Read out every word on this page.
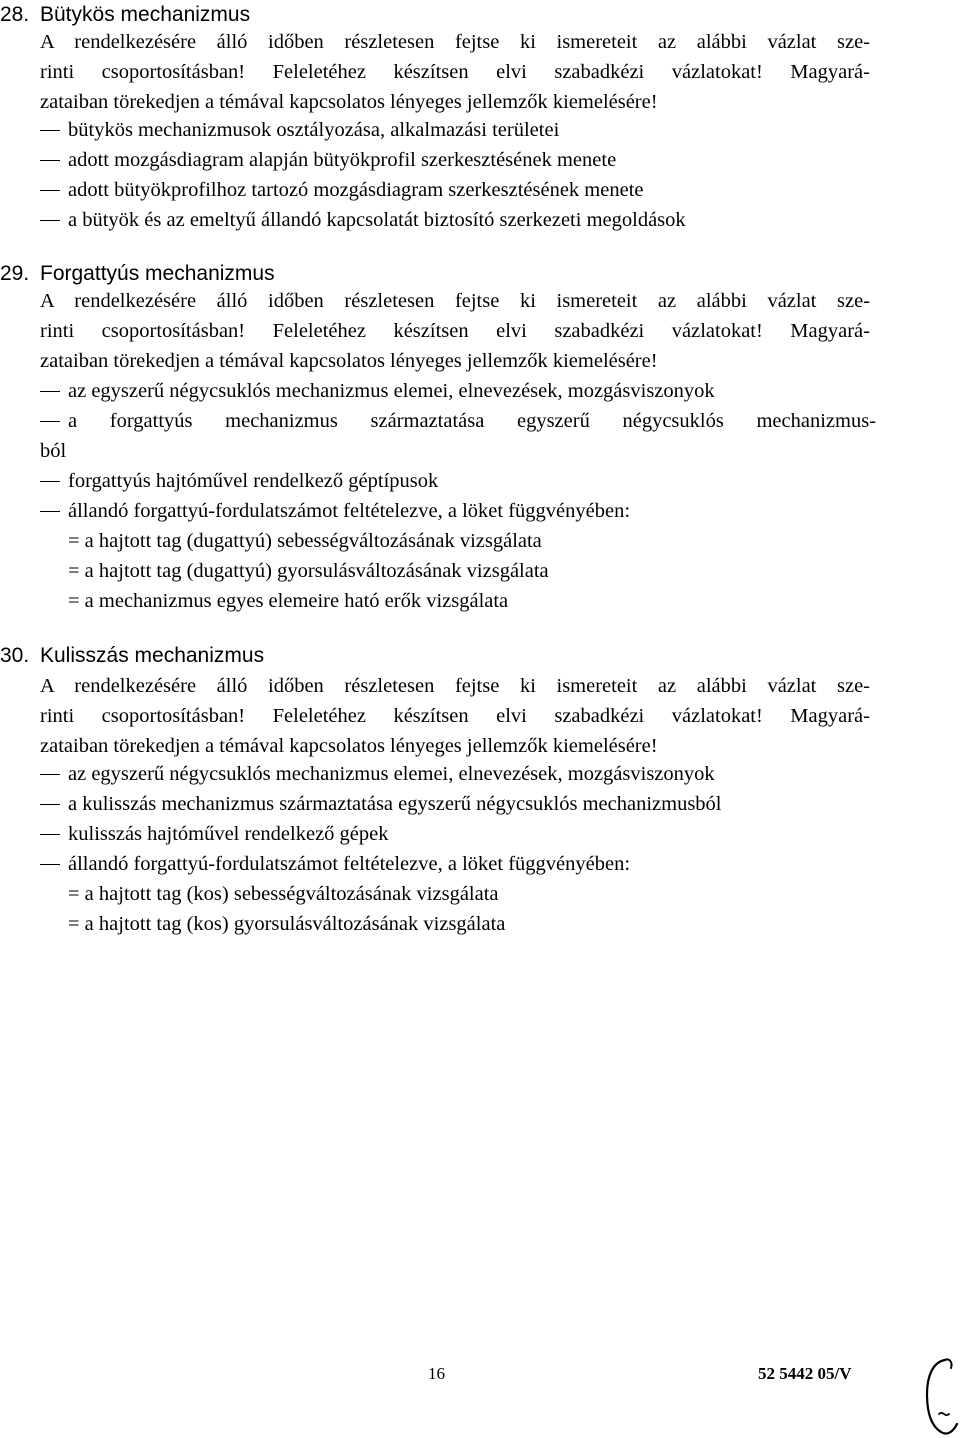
28. Bütykös mechanizmus
A rendelkezésére álló időben részletesen fejtse ki ismereteit az alábbi vázlat sze-
rinti csoportosításban! Feleletéhez készítsen elvi szabadkézi vázlatokat! Magyará-
zataiban törekedjen a témával kapcsolatos lényeges jellemzők kiemelésére!
bütykös mechanizmusok osztályozása, alkalmazási területei
adott mozgásdiagram alapján bütyökprofil szerkesztésének menete
adott bütyökprofilhoz tartozó mozgásdiagram szerkesztésének menete
a bütyök és az emeltyű állandó kapcsolatát biztosító szerkezeti megoldások
29. Forgattyús mechanizmus
A rendelkezésére álló időben részletesen fejtse ki ismereteit az alábbi vázlat sze-
rinti csoportosításban! Feleletéhez készítsen elvi szabadkézi vázlatokat! Magyará-
zataiban törekedjen a témával kapcsolatos lényeges jellemzők kiemelésére!
az egyszerű négycsuklós mechanizmus elemei, elnevezések, mozgásviszonyok
a forgattyús mechanizmus származtatása egyszerű négycsuklós mechanizmus-
ból
forgattyús hajtóművel rendelkező géptípusok
állandó forgattyú-fordulatszámot feltételezve, a löket függvényében:
= a hajtott tag (dugattyú) sebességváltozásának vizsgálata
= a hajtott tag (dugattyú) gyorsulásváltozásának vizsgálata
= a mechanizmus egyes elemeire ható erők vizsgálata
30. Kulisszás mechanizmus
A rendelkezésére álló időben részletesen fejtse ki ismereteit az alábbi vázlat sze-
rinti csoportosításban! Feleletéhez készítsen elvi szabadkézi vázlatokat! Magyará-
zataiban törekedjen a témával kapcsolatos lényeges jellemzők kiemelésére!
az egyszerű négycsuklós mechanizmus elemei, elnevezések, mozgásviszonyok
a kulisszás mechanizmus származtatása egyszerű négycsuklós mechanizmusból
kulisszás hajtóművel rendelkező gépek
állandó forgattyú-fordulatszámot feltételezve, a löket függvényében:
= a hajtott tag (kos) sebességváltozásának vizsgálata
= a hajtott tag (kos) gyorsulásváltozásának vizsgálata
16	52 5442 05/V
